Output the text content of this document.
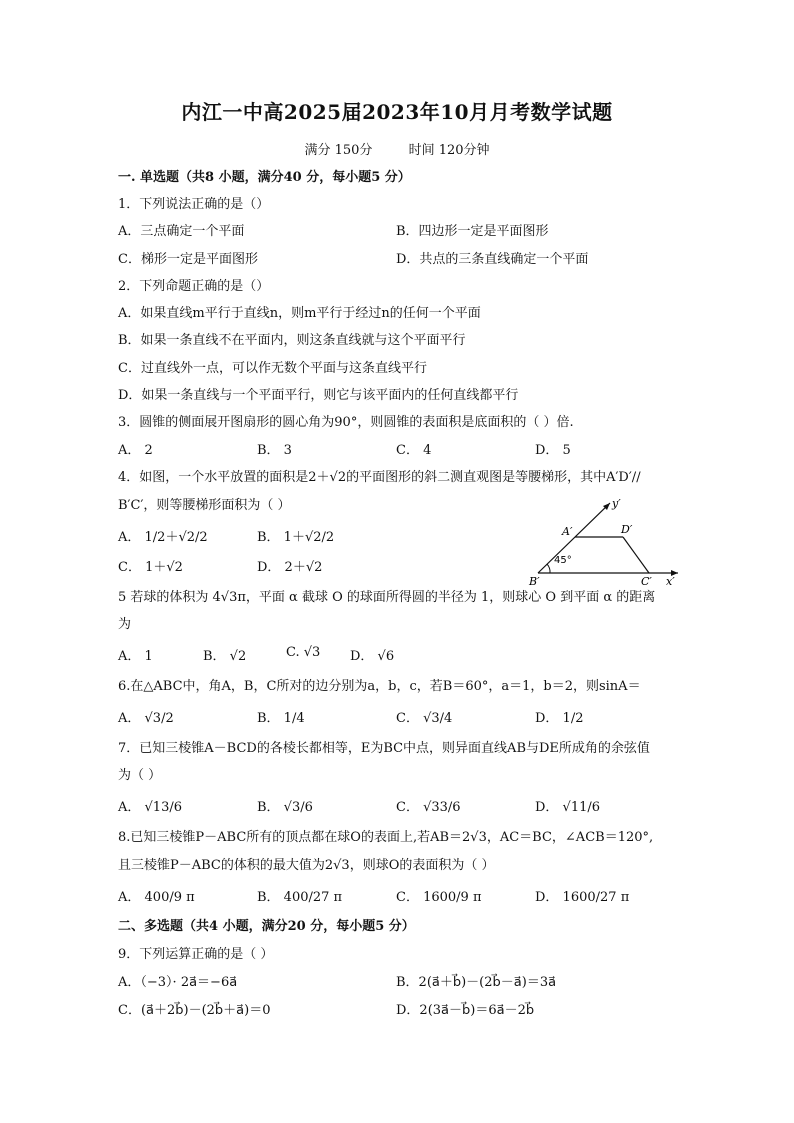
内江一中高2025届2023年10月月考数学试题
满分 150分	时间 120分钟
一. 单选题（共8 小题，满分40 分，每小题5 分）
1．下列说法正确的是（）
A．三点确定一个平面	B．四边形一定是平面图形
C．梯形一定是平面图形	D．共点的三条直线确定一个平面
2．下列命题正确的是（）
A．如果直线m平行于直线n，则m平行于经过n的任何一个平面
B．如果一条直线不在平面内，则这条直线就与这个平面平行
C．过直线外一点，可以作无数个平面与这条直线平行
D．如果一条直线与一个平面平行，则它与该平面内的任何直线都平行
3．圆锥的侧面展开图扇形的圆心角为90°，则圆锥的表面积是底面积的（ ）倍.
A． 2	B． 3	C． 4	D． 5
4．如图，一个水平放置的面积是2＋√2的平面图形的斜二测直观图是等腰梯形，其中A′D′//
B′C′，则等腰梯形面积为（ ）
A． 1/2＋√2/2	B． 1＋√2/2
C． 1＋√2	D． 2＋√2
y′
A′	D′
45°
B′	C′ x′
5 若球的体积为 4√3π，平面 α 截球 O 的球面所得圆的半径为 1，则球心 O 到平面 α 的距离
为
A． 1	B． √2	C. √3 D． √6
6.在△ABC中，角A，B，C所对的边分别为a，b，c，若B＝60°，a＝1，b＝2，则sinA＝
A． √3/2	B． 1/4	C． √3/4	D． 1/2
7．已知三棱锥A－BCD的各棱长都相等，E为BC中点，则异面直线AB与DE所成角的余弦值
为（ ）
A． √13/6	B． √3/6	C． √33/6	D． √11/6
8.已知三棱锥P－ABC所有的顶点都在球O的表面上,若AB＝2√3，AC＝BC，∠ACB＝120°,
且三棱锥P－ABC的体积的最大值为2√3，则球O的表面积为（ ）
A． 400/9 π	B． 400/27 π	C． 1600/9 π	D． 1600/27 π
二、多选题（共4 小题，满分20 分，每小题5 分）
9．下列运算正确的是（ ）
A．（−3）· 2a⃗＝−6a⃗	B．2(a⃗＋b⃗)－(2b⃗－a⃗)＝3a⃗
C．(a⃗＋2b⃗)－(2b⃗＋a⃗)＝0	D．2(3a⃗－b⃗)＝6a⃗－2b⃗
